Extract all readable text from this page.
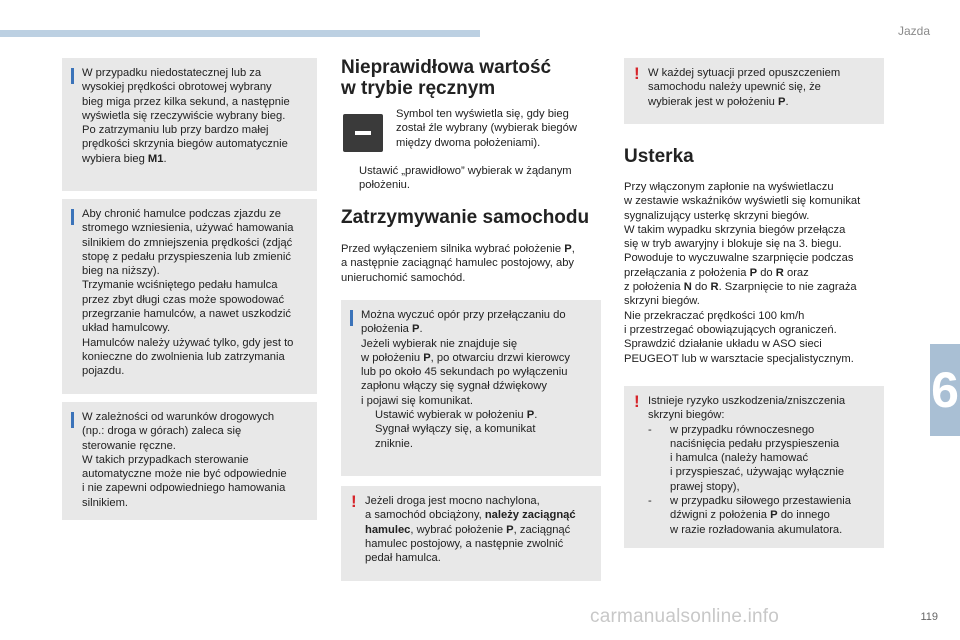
Jazda
6

W przypadku niedostatecznej lub za

wysokiej prędkości obrotowej wybrany

bieg miga przez kilka sekund, a następnie

wyświetla się rzeczywiście wybrany bieg.

Po zatrzymaniu lub przy bardzo małej

prędkości skrzynia biegów automatycznie

wybiera bieg M1.

Aby chronić hamulce podczas zjazdu ze

stromego wzniesienia, używać hamowania

silnikiem do zmniejszenia prędkości (zdjąć

stopę z pedału przyspieszenia lub zmienić

bieg na niższy).

Trzymanie wciśniętego pedału hamulca

przez zbyt długi czas może spowodować

przegrzanie hamulców, a nawet uszkodzić

układ hamulcowy.

Hamulców należy używać tylko, gdy jest to

konieczne do zwolnienia lub zatrzymania

pojazdu.

W zależności od warunków drogowych

(np.: droga w górach) zaleca się

sterowanie ręczne.

W takich przypadkach sterowanie

automatyczne może nie być odpowiednie

i nie zapewni odpowiedniego hamowania

silnikiem.

Nieprawidłowa wartość
w trybie ręcznym
Symbol ten wyświetla się, gdy bieg
został źle wybrany (wybierak biegów
między dwoma położeniami).
Ustawić „prawidłowo” wybierak w żądanym
położeniu.
Zatrzymywanie samochodu
Przed wyłączeniem silnika wybrać położenie P,
a następnie zaciągnąć hamulec postojowy, aby
unieruchomić samochód.

Można wyczuć opór przy przełączaniu do

położenia P.

Jeżeli wybierak nie znajduje się

w położeniu P, po otwarciu drzwi kierowcy

lub po około 45 sekundach po wyłączeniu

zapłonu włączy się sygnał dźwiękowy

i pojawi się komunikat.

Ustawić wybierak w położeniu P.

Sygnał wyłączy się, a komunikat

zniknie.

! Jeżeli droga jest mocno nachylona,

a samochód obciążony, należy zaciągnąć

hamulec, wybrać położenie P, zaciągnąć

hamulec postojowy, a następnie zwolnić

pedał hamulca.

! W każdej sytuacji przed opuszczeniem

samochodu należy upewnić się, że

wybierak jest w położeniu P.

Usterka
Przy włączonym zapłonie na wyświetlaczu
w zestawie wskaźników wyświetli się komunikat
sygnalizujący usterkę skrzyni biegów.
W takim wypadku skrzynia biegów przełącza
się w tryb awaryjny i blokuje się na 3. biegu.
Powoduje to wyczuwalne szarpnięcie podczas
przełączania z położenia P do R oraz
z położenia N do R. Szarpnięcie to nie zagraża
skrzyni biegów.
Nie przekraczać prędkości 100 km/h
i przestrzegać obowiązujących ograniczeń.
Sprawdzić działanie układu w ASO sieci
PEUGEOT lub w warsztacie specjalistycznym.
! Istnieje ryzyko uszkodzenia/zniszczenia

skrzyni biegów:

- w przypadku równoczesnego

naciśnięcia pedału przyspieszenia

i hamulca (należy hamować

i przyspieszać, używając wyłącznie

prawej stopy),

- w przypadku siłowego przestawienia

dźwigni z położenia P do innego

w razie rozładowania akumulatora.

carmanualsonline.info	119
